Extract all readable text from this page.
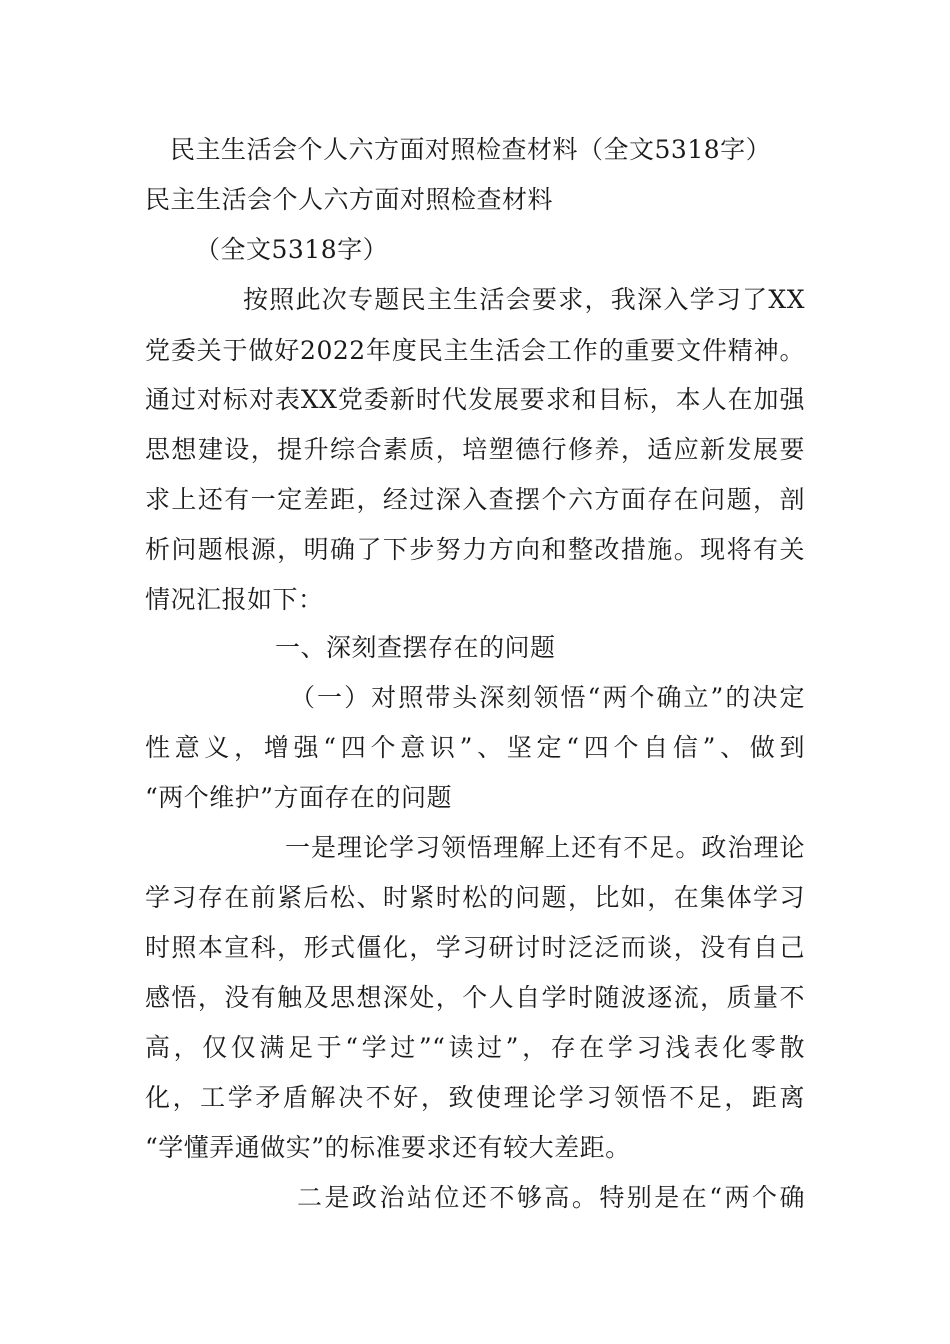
民主生活会个人六方面对照检查材料（全文5318字）
民主生活会个人六方面对照检查材料
（全文5318字）
按照此次专题民主生活会要求，我深入学习了XX
党委关于做好2022年度民主生活会工作的重要文件精神。
通过对标对表XX党委新时代发展要求和目标，本人在加强
思想建设，提升综合素质，培塑德行修养，适应新发展要
求上还有一定差距，经过深入查摆个六方面存在问题，剖
析问题根源，明确了下步努力方向和整改措施。现将有关
情况汇报如下：
一、深刻查摆存在的问题
（一）对照带头深刻领悟“两个确立”的决定
性意义，增强“四个意识”、坚定“四个自信”、做到
“两个维护”方面存在的问题
一是理论学习领悟理解上还有不足。政治理论
学习存在前紧后松、时紧时松的问题，比如，在集体学习
时照本宣科，形式僵化，学习研讨时泛泛而谈，没有自己
感悟，没有触及思想深处，个人自学时随波逐流，质量不
高，仅仅满足于“学过”“读过”，存在学习浅表化零散
化，工学矛盾解决不好，致使理论学习领悟不足，距离
“学懂弄通做实”的标准要求还有较大差距。
二是政治站位还不够高。特别是在“两个确
